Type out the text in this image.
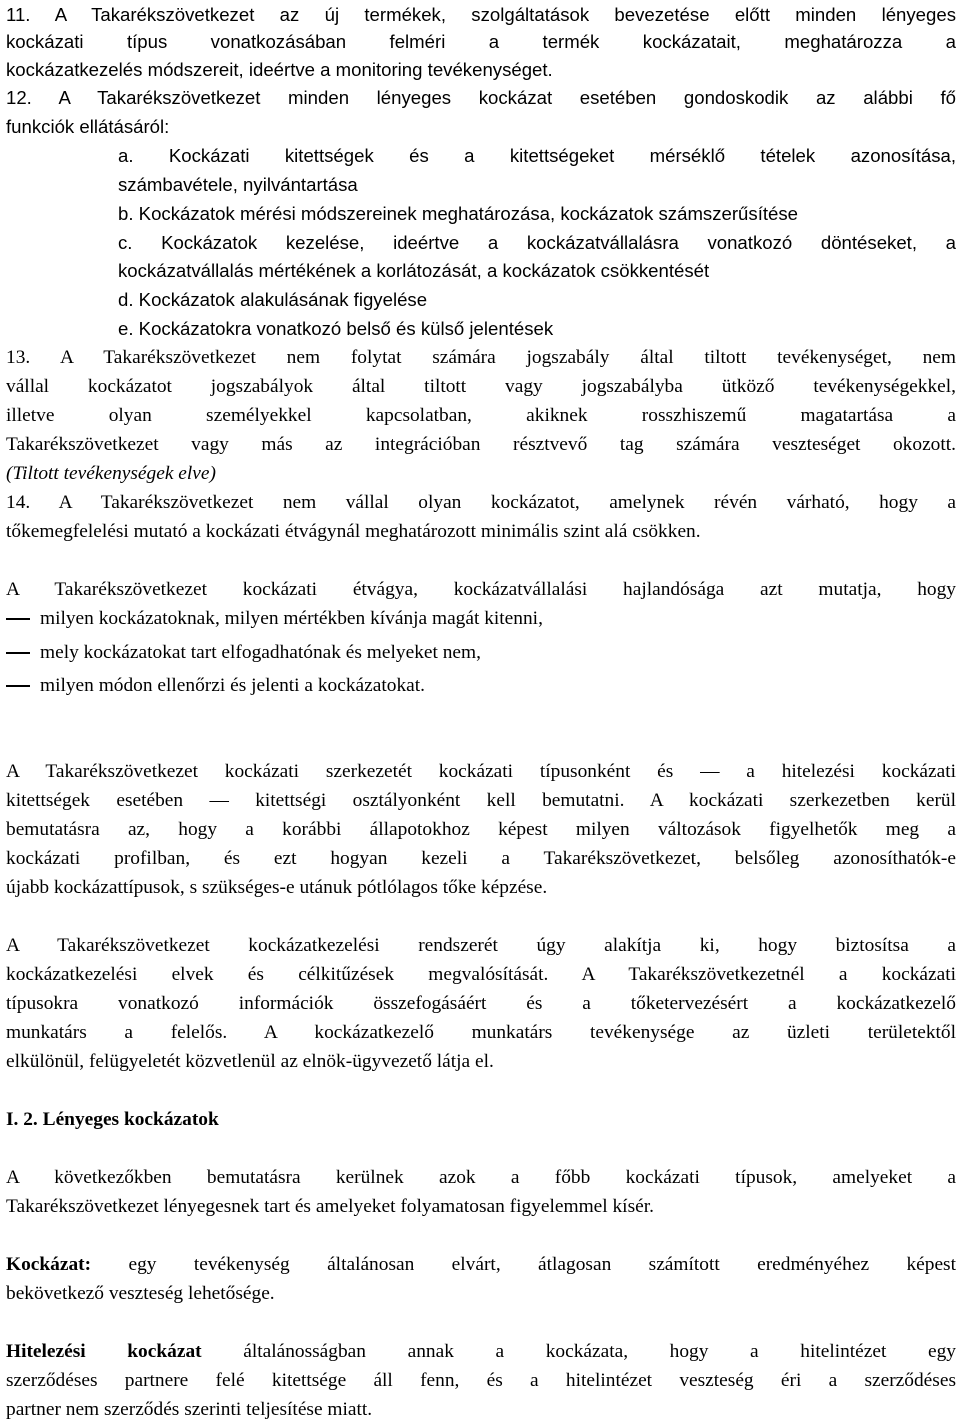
11. A Takarékszövetkezet az új termékek, szolgáltatások bevezetése előtt minden lényeges
kockázati típus vonatkozásában felméri a termék kockázatait, meghatározza a
kockázatkezelés módszereit, ideértve a monitoring tevékenységet.
12. A Takarékszövetkezet minden lényeges kockázat esetében gondoskodik az alábbi fő
funkciók ellátásáról:
a. Kockázati kitettségek és a kitettségeket mérséklő tételek azonosítása,
számbavétele, nyilvántartása
b. Kockázatok mérési módszereinek meghatározása, kockázatok számszerűsítése
c. Kockázatok kezelése, ideértve a kockázatvállalásra vonatkozó döntéseket, a
kockázatvállalás mértékének a korlátozását, a kockázatok csökkentését
d. Kockázatok alakulásának figyelése
e. Kockázatokra vonatkozó belső és külső jelentések
13. A Takarékszövetkezet nem folytat számára jogszabály által tiltott tevékenységet, nem
vállal kockázatot jogszabályok által tiltott vagy jogszabályba ütköző tevékenységekkel,
illetve olyan személyekkel kapcsolatban, akiknek rosszhiszemű magatartása a
Takarékszövetkezet vagy más az integrációban résztvevő tag számára veszteséget okozott.
(Tiltott tevékenységek elve)
14. A Takarékszövetkezet nem vállal olyan kockázatot, amelynek révén várható, hogy a
tőkemegfelelési mutató a kockázati étvágynál meghatározott minimális szint alá csökken.
A Takarékszövetkezet kockázati étvágya, kockázatvállalási hajlandósága azt mutatja, hogy
milyen kockázatoknak, milyen mértékben kívánja magát kitenni,
mely kockázatokat tart elfogadhatónak és melyeket nem,
milyen módon ellenőrzi és jelenti a kockázatokat.
A Takarékszövetkezet kockázati szerkezetét kockázati típusonként és — a hitelezési kockázati
kitettségek esetében — kitettségi osztályonként kell bemutatni. A kockázati szerkezetben kerül
bemutatásra az, hogy a korábbi állapotokhoz képest milyen változások figyelhetők meg a
kockázati profilban, és ezt hogyan kezeli a Takarékszövetkezet, belsőleg azonosíthatók-e
újabb kockázattípusok, s szükséges-e utánuk pótlólagos tőke képzése.
A Takarékszövetkezet kockázatkezelési rendszerét úgy alakítja ki, hogy biztosítsa a
kockázatkezelési elvek és célkitűzések megvalósítását. A Takarékszövetkezetnél a kockázati
típusokra vonatkozó információk összefogásáért és a tőketervezésért a kockázatkezelő
munkatárs a felelős. A kockázatkezelő munkatárs tevékenysége az üzleti területektől
elkülönül, felügyeletét közvetlenül az elnök-ügyvezető látja el.
I. 2. Lényeges kockázatok
A következőkben bemutatásra kerülnek azok a főbb kockázati típusok, amelyeket a
Takarékszövetkezet lényegesnek tart és amelyeket folyamatosan figyelemmel kísér.
Kockázat: egy tevékenység általánosan elvárt, átlagosan számított eredményéhez képest
bekövetkező veszteség lehetősége.
Hitelezési kockázat általánosságban annak a kockázata, hogy a hitelintézet egy
szerződéses partnere felé kitettsége áll fenn, és a hitelintézet veszteség éri a szerződéses
partner nem szerződés szerinti teljesítése miatt.
